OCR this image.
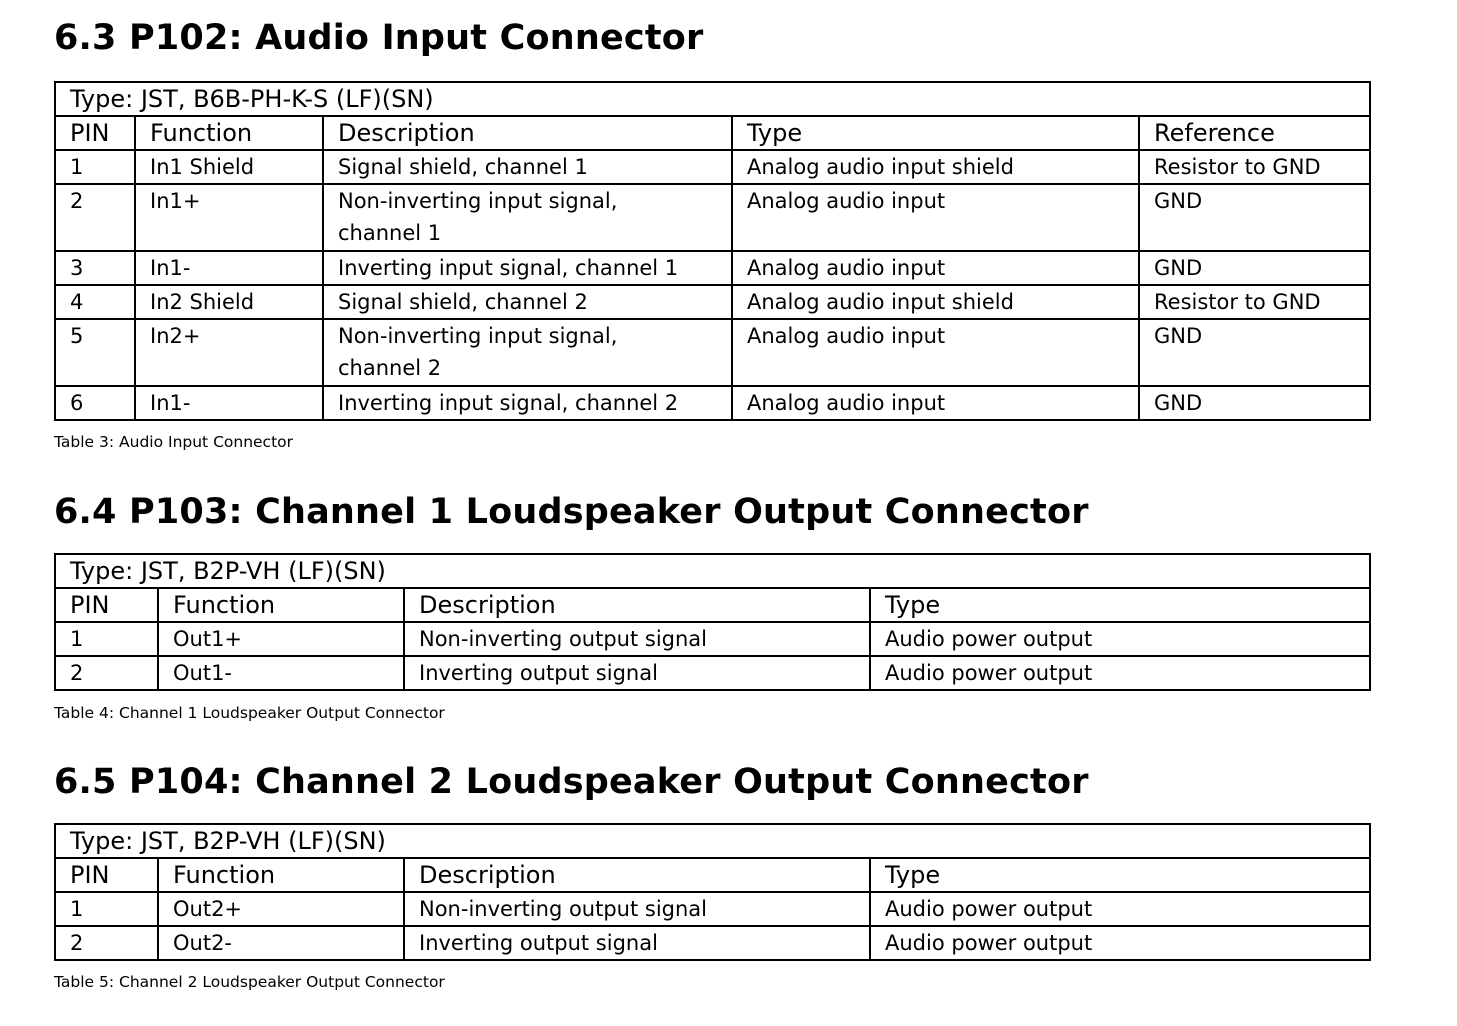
6.3 P102: Audio Input Connector
Type: JST, B6B-PH-K-S (LF)(SN)				
PIN	Function	Description	Type	Reference
1	In1 Shield	Signal shield, channel 1	Analog audio input shield	Resistor to GND
2	In1+	Non-inverting input signal, channel 1	Analog audio input	GND
3	In1-	Inverting input signal, channel 1	Analog audio input	GND
4	In2 Shield	Signal shield, channel 2	Analog audio input shield	Resistor to GND
5	In2+	Non-inverting input signal, channel 2	Analog audio input	GND
6	In1-	Inverting input signal, channel 2	Analog audio input	GND
Table 3: Audio Input Connector
6.4 P103: Channel 1 Loudspeaker Output Connector
Type: JST, B2P-VH (LF)(SN)			
PIN	Function	Description	Type
1	Out1+	Non-inverting output signal	Audio power output
2	Out1-	Inverting output signal	Audio power output
Table 4: Channel 1 Loudspeaker Output Connector
6.5 P104: Channel 2 Loudspeaker Output Connector
Type: JST, B2P-VH (LF)(SN)			
PIN	Function	Description	Type
1	Out2+	Non-inverting output signal	Audio power output
2	Out2-	Inverting output signal	Audio power output
Table 5: Channel 2 Loudspeaker Output Connector
